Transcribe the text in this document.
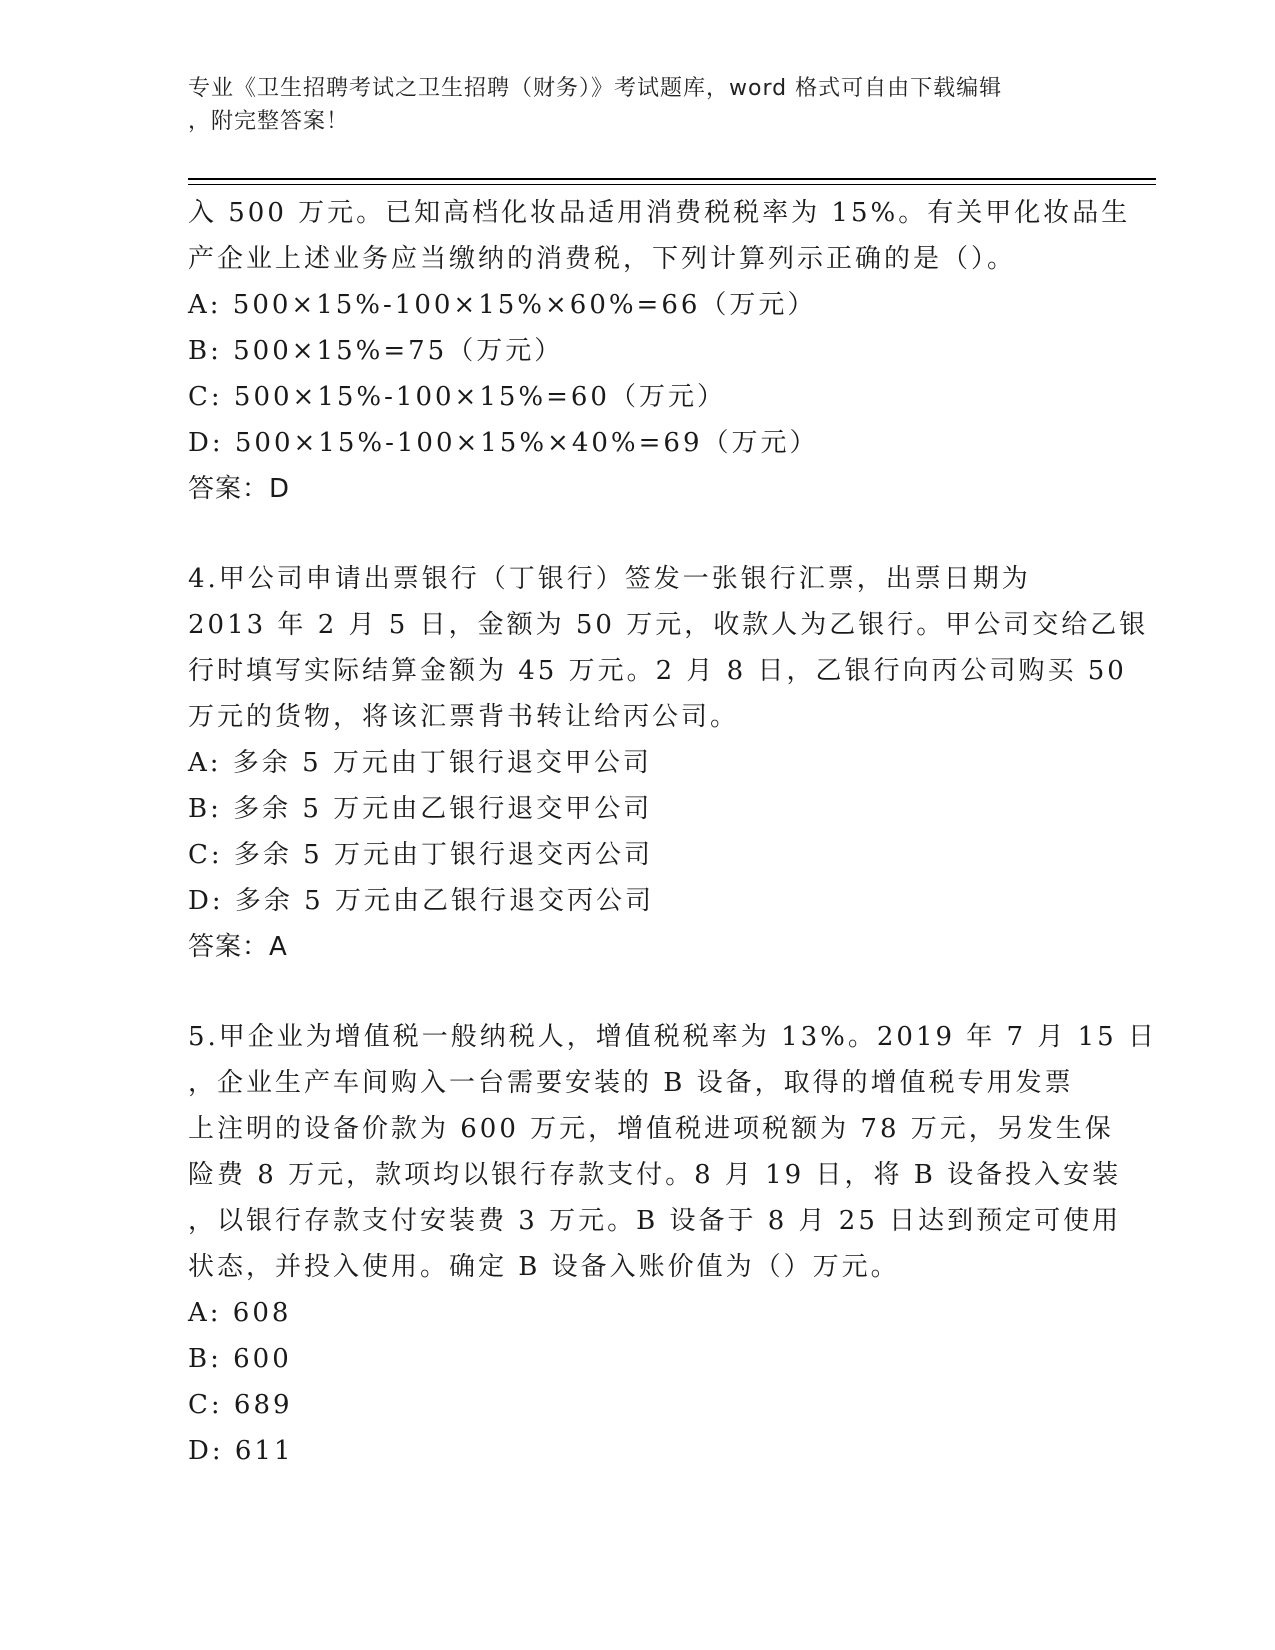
专业《卫生招聘考试之卫生招聘（财务）》考试题库，word 格式可自由下载编辑
，附完整答案！
入 500 万元。已知高档化妆品适用消费税税率为 15%。有关甲化妆品生
产企业上述业务应当缴纳的消费税，下列计算列示正确的是（）。
A: 500×15%-100×15%×60%=66（万元）
B: 500×15%=75（万元）
C: 500×15%-100×15%=60（万元）
D: 500×15%-100×15%×40%=69（万元）
答案：D
4.甲公司申请出票银行（丁银行）签发一张银行汇票，出票日期为
2013 年 2 月 5 日，金额为 50 万元，收款人为乙银行。甲公司交给乙银
行时填写实际结算金额为 45 万元。2 月 8 日，乙银行向丙公司购买 50
万元的货物，将该汇票背书转让给丙公司。
A: 多余 5 万元由丁银行退交甲公司
B: 多余 5 万元由乙银行退交甲公司
C: 多余 5 万元由丁银行退交丙公司
D: 多余 5 万元由乙银行退交丙公司
答案：A
5.甲企业为增值税一般纳税人，增值税税率为 13%。2019 年 7 月 15 日
，企业生产车间购入一台需要安装的 B 设备，取得的增值税专用发票
上注明的设备价款为 600 万元，增值税进项税额为 78 万元，另发生保
险费 8 万元，款项均以银行存款支付。8 月 19 日，将 B 设备投入安装
，以银行存款支付安装费 3 万元。B 设备于 8 月 25 日达到预定可使用
状态，并投入使用。确定 B 设备入账价值为（）万元。
A: 608
B: 600
C: 689
D: 611
